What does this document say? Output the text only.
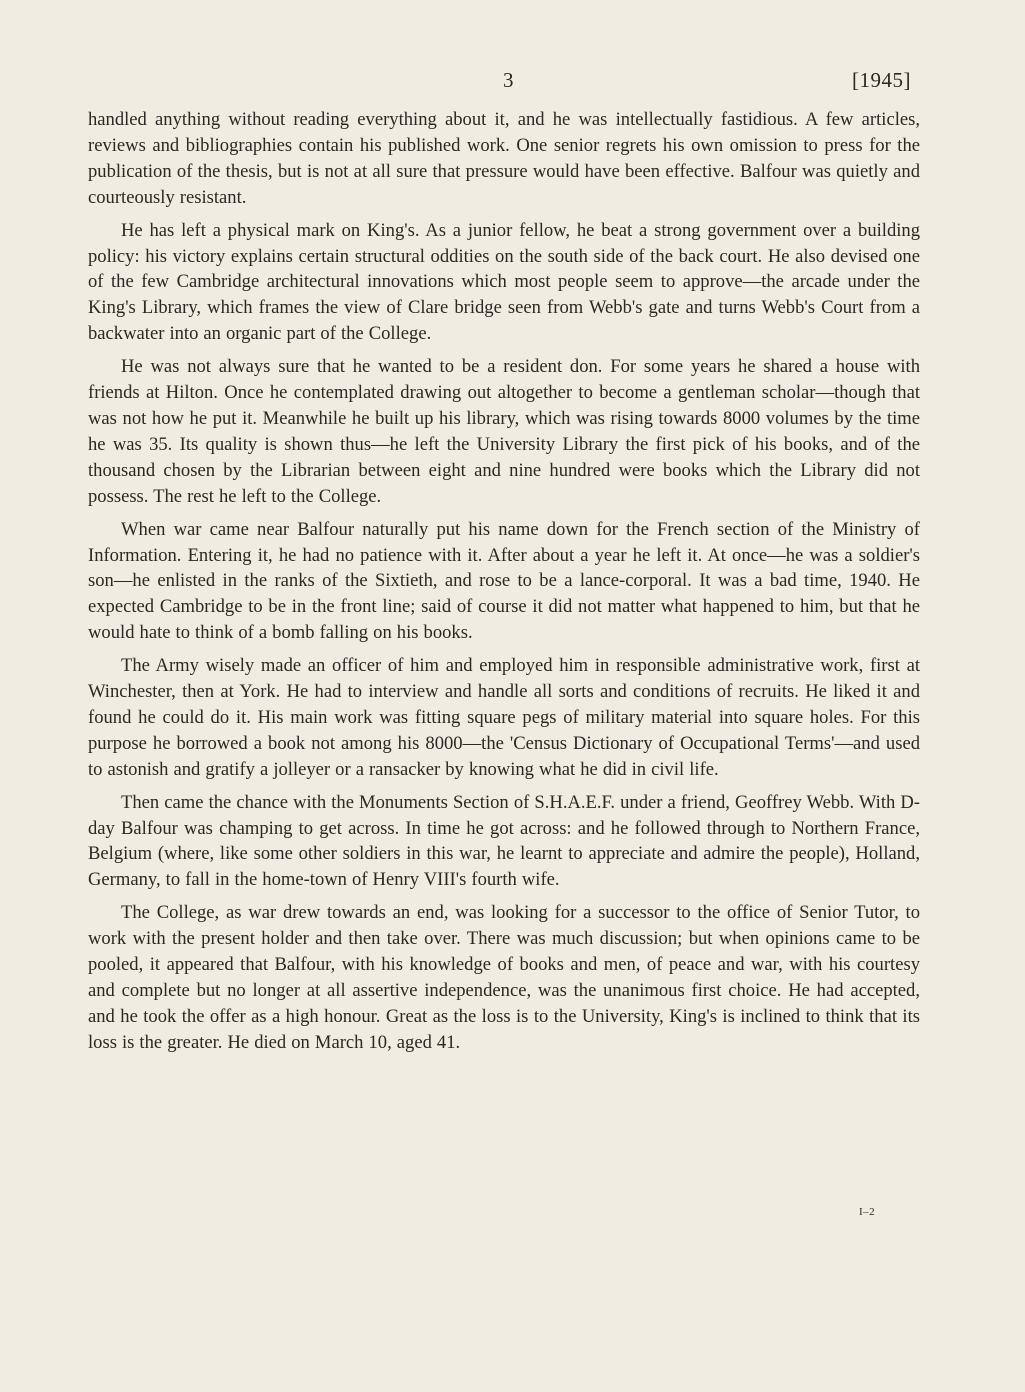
3	[1945]

handled anything without reading everything about it, and he was intellectually fastidious. A few articles, reviews and bibliographies contain his published work. One senior regrets his own omission to press for the publication of the thesis, but is not at all sure that pressure would have been effective. Balfour was quietly and courteously resistant.

He has left a physical mark on King's. As a junior fellow, he beat a strong government over a building policy: his victory explains certain structural oddities on the south side of the back court. He also devised one of the few Cambridge architectural innovations which most people seem to approve—the arcade under the King's Library, which frames the view of Clare bridge seen from Webb's gate and turns Webb's Court from a backwater into an organic part of the College.

He was not always sure that he wanted to be a resident don. For some years he shared a house with friends at Hilton. Once he contemplated drawing out altogether to become a gentleman scholar—though that was not how he put it. Meanwhile he built up his library, which was rising towards 8000 volumes by the time he was 35. Its quality is shown thus—he left the University Library the first pick of his books, and of the thousand chosen by the Librarian between eight and nine hundred were books which the Library did not possess. The rest he left to the College.

When war came near Balfour naturally put his name down for the French section of the Ministry of Information. Entering it, he had no patience with it. After about a year he left it. At once—he was a soldier's son—he enlisted in the ranks of the Sixtieth, and rose to be a lance-corporal. It was a bad time, 1940. He expected Cambridge to be in the front line; said of course it did not matter what happened to him, but that he would hate to think of a bomb falling on his books.

The Army wisely made an officer of him and employed him in responsible administrative work, first at Winchester, then at York. He had to interview and handle all sorts and conditions of recruits. He liked it and found he could do it. His main work was fitting square pegs of military material into square holes. For this purpose he borrowed a book not among his 8000—the 'Census Dictionary of Occupational Terms'—and used to astonish and gratify a jolleyer or a ransacker by knowing what he did in civil life.

Then came the chance with the Monuments Section of S.H.A.E.F. under a friend, Geoffrey Webb. With D-day Balfour was champing to get across. In time he got across: and he followed through to Northern France, Belgium (where, like some other soldiers in this war, he learnt to appreciate and admire the people), Holland, Germany, to fall in the home-town of Henry VIII's fourth wife.

The College, as war drew towards an end, was looking for a successor to the office of Senior Tutor, to work with the present holder and then take over. There was much discussion; but when opinions came to be pooled, it appeared that Balfour, with his knowledge of books and men, of peace and war, with his courtesy and complete but no longer at all assertive independence, was the unanimous first choice. He had accepted, and he took the offer as a high honour. Great as the loss is to the University, King's is inclined to think that its loss is the greater. He died on March 10, aged 41.

I–2
